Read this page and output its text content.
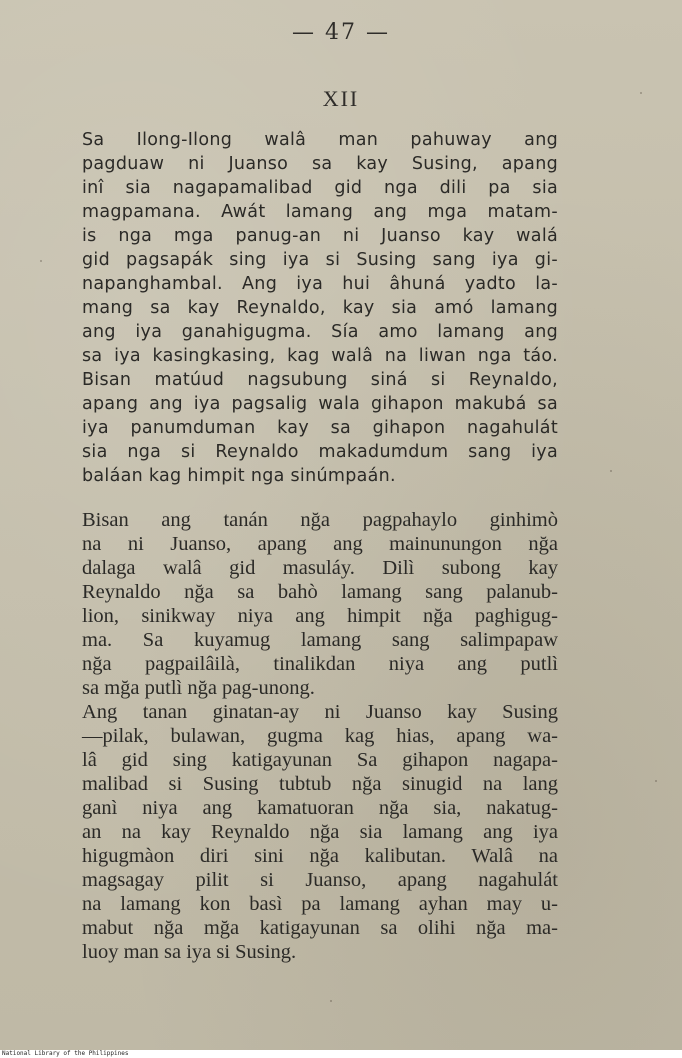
— 47 —
XII
Sa Ilong-Ilong walâ man pahuway ang
pagduaw ni Juanso sa kay Susing, apang
inî sia nagapamalibad gid nga dili pa sia
magpamana. Awát lamang ang mga matam-
is nga mga panug-an ni Juanso kay walá
gid pagsapák sing iya si Susing sang iya gi-
napanghambal. Ang iya hui âhuná yadto la-
mang sa kay Reynaldo, kay sia amó lamang
ang iya ganahigugma. Sía amo lamang ang
sa iya kasingkasing, kag walâ na liwan nga táo.
Bisan matúud nagsubung siná si Reynaldo,
apang ang iya pagsalig wala gihapon makubá sa
iya panumduman kay sa gihapon nagahulát
sia nga si Reynaldo makadumdum sang iya
baláan kag himpit nga sinúmpaán.
Bisan ang tanán nğa pagpahaylo ginhimò
na ni Juanso, apang ang mainunungon nğa
dalaga walâ gid masuláy. Dilì subong kay
Reynaldo nğa sa bahò lamang sang palanub-
lion, sinikway niya ang himpit nğa paghigug-
ma. Sa kuyamug lamang sang salimpapaw
nğa pagpailâilà, tinalikdan niya ang putlì
sa mğa putlì nğa pag-unong.
Ang tanan ginatan-ay ni Juanso kay Susing
—pilak, bulawan, gugma kag hias, apang wa-
lâ gid sing katigayunan Sa gihapon nagapa-
malibad si Susing tubtub nğa sinugid na lang
ganì niya ang kamatuoran nğa sia, nakatug-
an na kay Reynaldo nğa sia lamang ang iya
higugmàon diri sini nğa kalibutan. Walâ na
magsagay pilit si Juanso, apang nagahulát
na lamang kon basì pa lamang ayhan may u-
mabut nğa mğa katigayunan sa olihi nğa ma-
luoy man sa iya si Susing.
National Library of the Philippines
